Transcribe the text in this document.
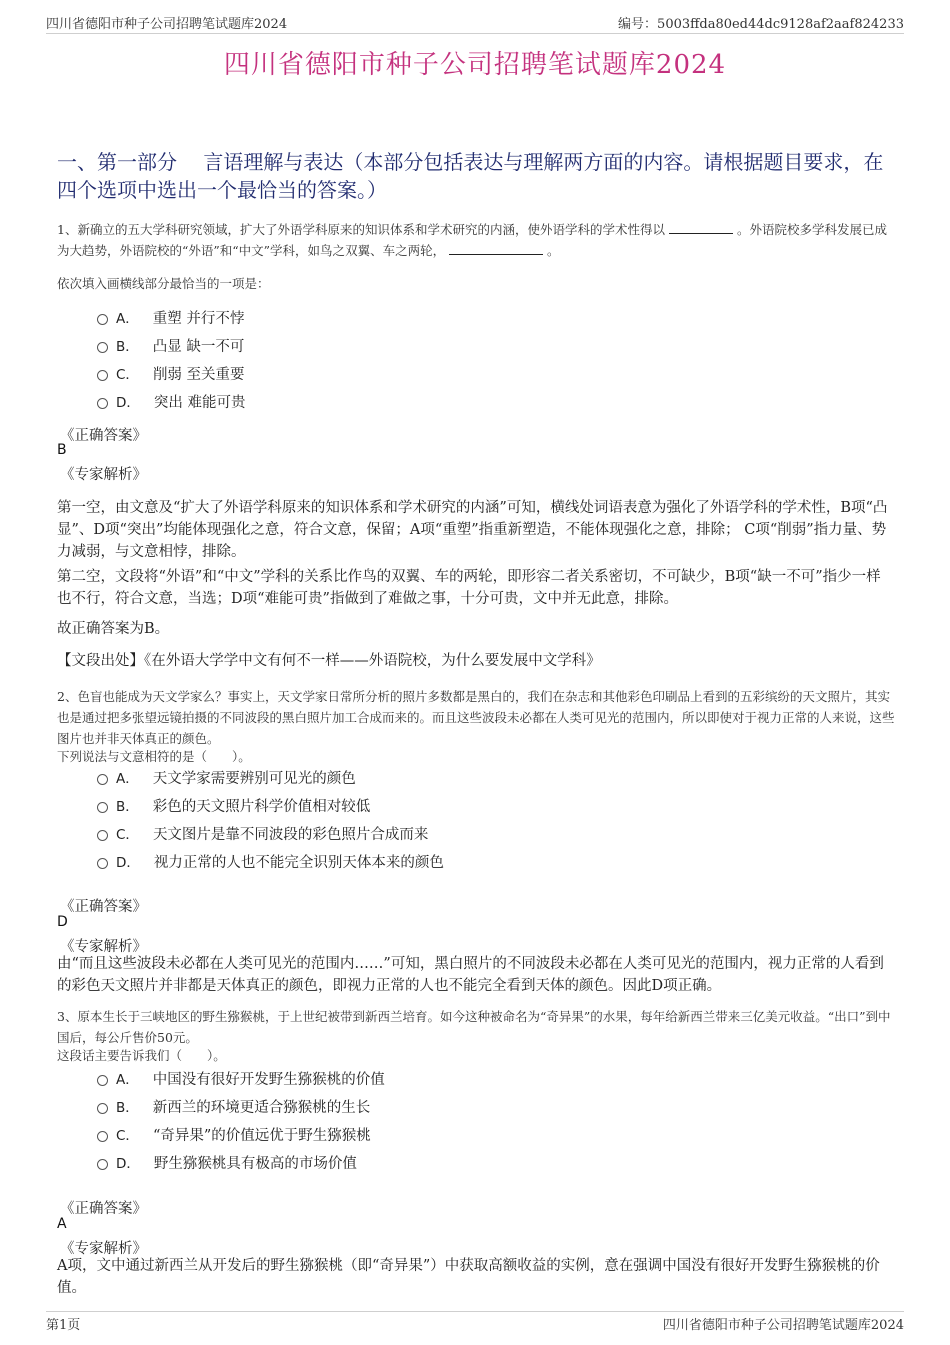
四川省德阳市种子公司招聘笔试题库2024	编号：5003ffda80ed44dc9128af2aaf824233
四川省德阳市种子公司招聘笔试题库2024
一、第一部分　 言语理解与表达（本部分包括表达与理解两方面的内容。请根据题目要求，在四个选项中选出一个最恰当的答案。）
1、新确立的五大学科研究领域，扩大了外语学科原来的知识体系和学术研究的内涵，使外语学科的学术性得以	。外语院校多学科发展已成为大趋势，外语院校的“外语”和“中文”学科，如鸟之双翼、车之两轮，	。
依次填入画横线部分最恰当的一项是：
A． 重塑 并行不悖
B． 凸显 缺一不可
C． 削弱 至关重要
D． 突出 难能可贵
《正确答案》
B
《专家解析》
第一空，由文意及“扩大了外语学科原来的知识体系和学术研究的内涵”可知，横线处词语表意为强化了外语学科的学术性，B项“凸显”、D项“突出”均能体现强化之意，符合文意，保留；A项“重塑”指重新塑造，不能体现强化之意，排除； C项“削弱”指力量、势力减弱，与文意相悖，排除。
第二空，文段将“外语”和“中文”学科的关系比作鸟的双翼、车的两轮，即形容二者关系密切，不可缺少，B项“缺一不可”指少一样也不行，符合文意，当选；D项“难能可贵”指做到了难做之事，十分可贵，文中并无此意，排除。
故正确答案为B。
【文段出处】《在外语大学学中文有何不一样——外语院校，为什么要发展中文学科》
2、色盲也能成为天文学家么？事实上，天文学家日常所分析的照片多数都是黑白的，我们在杂志和其他彩色印刷品上看到的五彩缤纷的天文照片，其实也是通过把多张望远镜拍摄的不同波段的黑白照片加工合成而来的。而且这些波段未必都在人类可见光的范围内，所以即使对于视力正常的人来说，这些图片也并非天体真正的颜色。
下列说法与文意相符的是（　　）。
A． 天文学家需要辨别可见光的颜色
B． 彩色的天文照片科学价值相对较低
C． 天文图片是靠不同波段的彩色照片合成而来
D． 视力正常的人也不能完全识别天体本来的颜色
《正确答案》
D
《专家解析》
由“而且这些波段未必都在人类可见光的范围内……”可知，黑白照片的不同波段未必都在人类可见光的范围内，视力正常的人看到的彩色天文照片并非都是天体真正的颜色，即视力正常的人也不能完全看到天体的颜色。因此D项正确。
3、原本生长于三峡地区的野生猕猴桃，于上世纪被带到新西兰培育。如今这种被命名为“奇异果”的水果，每年给新西兰带来三亿美元收益。“出口”到中国后，每公斤售价50元。
这段话主要告诉我们（　　）。
A． 中国没有很好开发野生猕猴桃的价值
B． 新西兰的环境更适合猕猴桃的生长
C． “奇异果”的价值远优于野生猕猴桃
D． 野生猕猴桃具有极高的市场价值
《正确答案》
A
《专家解析》
A项，文中通过新西兰从开发后的野生猕猴桃（即“奇异果”）中获取高额收益的实例，意在强调中国没有很好开发野生猕猴桃的价值。
第1页	四川省德阳市种子公司招聘笔试题库2024
